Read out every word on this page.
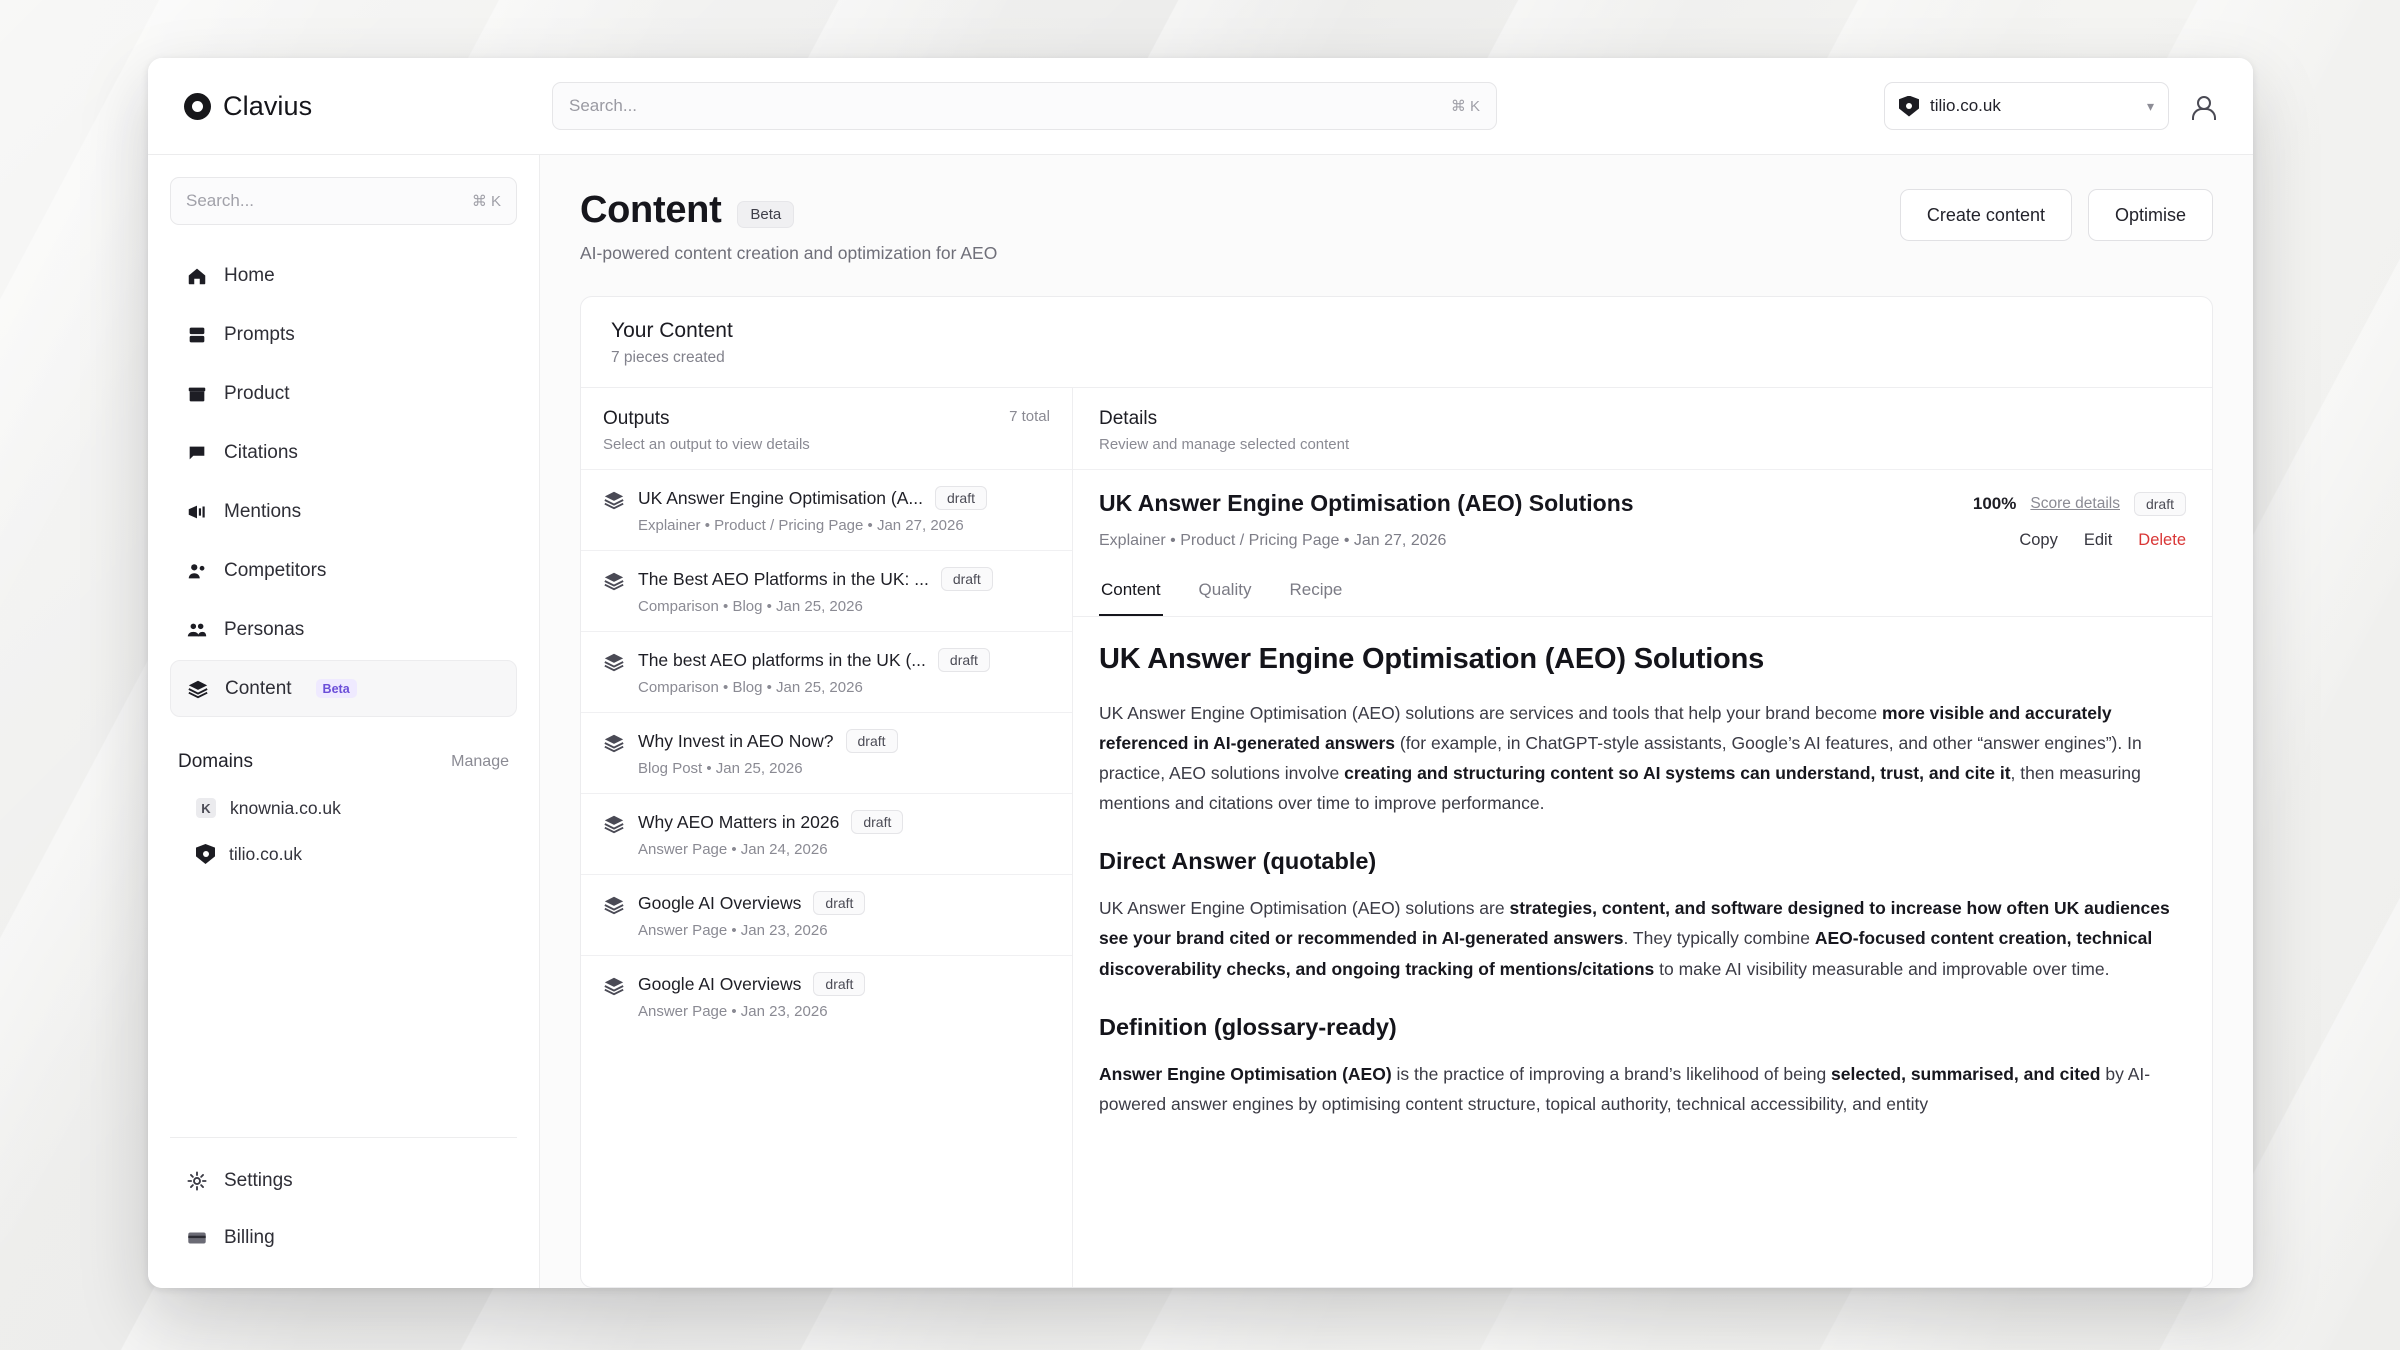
Clavius
Search...	⌘ K	tilio.co.uk	▾
Search...
⌘ K
Home
Prompts
Product
Citations
Mentions
Competitors
Personas
Content	Beta
Domains	Manage
K	knownia.co.uk
tilio.co.uk
Settings
Billing
Content	Beta
AI-powered content creation and optimization for AEO
Create content	Optimise
Your Content
7 pieces created
Outputs
Select an output to view details
7 total
UK Answer Engine Optimisation (A...	draft
Explainer • Product / Pricing Page • Jan 27, 2026
The Best AEO Platforms in the UK: ...	draft
Comparison • Blog • Jan 25, 2026
The best AEO platforms in the UK (...	draft
Comparison • Blog • Jan 25, 2026
Why Invest in AEO Now?	draft
Blog Post • Jan 25, 2026
Why AEO Matters in 2026	draft
Answer Page • Jan 24, 2026
Google AI Overviews	draft
Answer Page • Jan 23, 2026
Google AI Overviews	draft
Answer Page • Jan 23, 2026
Details
Review and manage selected content
UK Answer Engine Optimisation (AEO) Solutions	100% Score details	draft
Explainer • Product / Pricing Page • Jan 27, 2026	Copy Edit Delete
Content Quality Recipe
UK Answer Engine Optimisation (AEO) Solutions

UK Answer Engine Optimisation (AEO) solutions are services and tools that help your brand become more visible and accurately referenced in AI-generated answers (for example, in ChatGPT-style assistants, Google’s AI features, and other “answer engines”). In practice, AEO solutions involve creating and structuring content so AI systems can understand, trust, and cite it, then measuring mentions and citations over time to improve performance.

Direct Answer (quotable)

UK Answer Engine Optimisation (AEO) solutions are strategies, content, and software designed to increase how often UK audiences see your brand cited or recommended in AI-generated answers. They typically combine AEO-focused content creation, technical discoverability checks, and ongoing tracking of mentions/citations to make AI visibility measurable and improvable over time.

Definition (glossary-ready)

Answer Engine Optimisation (AEO) is the practice of improving a brand’s likelihood of being selected, summarised, and cited by AI-powered answer engines by optimising content structure, topical authority, technical accessibility, and entity
